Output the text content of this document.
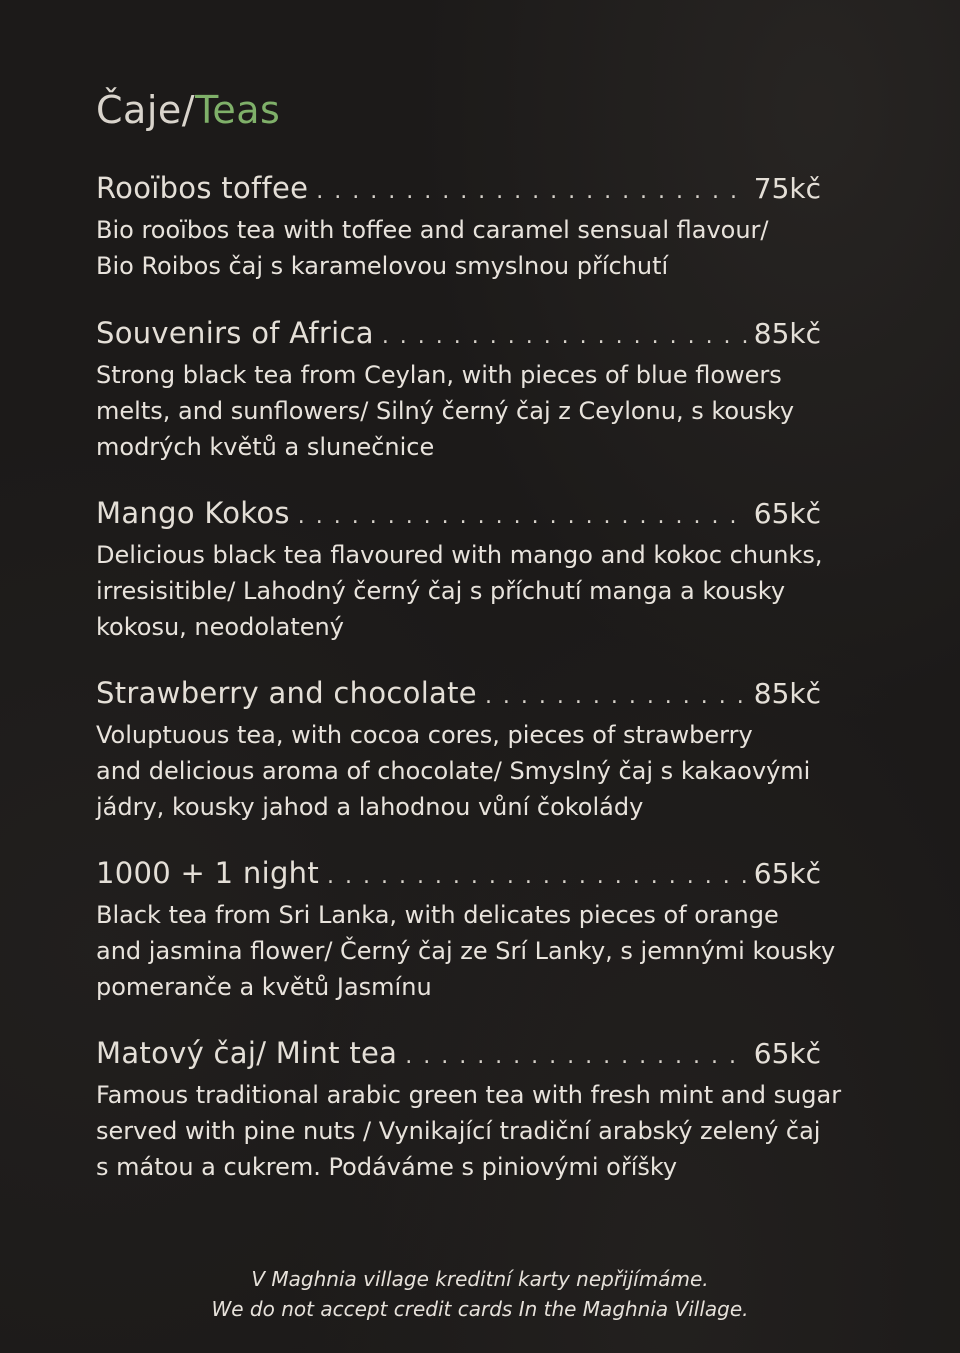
Čaje/Teas
Rooïbos toffee . . .	75kč
Bio rooïbos tea with toffee and caramel sensual flavour/
Bio Roibos čaj s karamelovou smyslnou příchutí
Souvenirs of Africa . . .	85kč
Strong black tea from Ceylan, with pieces of blue flowers
melts, and sunflowers/ Silný černý čaj z Ceylonu, s kousky
modrých květů a slunečnice
Mango Kokos . . .	65kč
Delicious black tea flavoured with mango and kokoc chunks,
irresisitible/ Lahodný černý čaj s příchutí manga a kousky
kokosu, neodolatený
Strawberry and chocolate . . .	85kč
Voluptuous tea, with cocoa cores, pieces of strawberry
and delicious aroma of chocolate/ Smyslný čaj s kakaovými
jádry, kousky jahod a lahodnou vůní čokolády
1000 + 1 night . . .	65kč
Black tea from Sri Lanka, with delicates pieces of orange
and jasmina flower/ Černý čaj ze Srí Lanky, s jemnými kousky
pomeranče a květů Jasmínu
Matový čaj/ Mint tea . . .	65kč
Famous traditional arabic green tea with fresh mint and sugar
served with pine nuts / Vynikající tradiční arabský zelený čaj
s mátou a cukrem. Podáváme s piniovými oříšky
V Maghnia village kreditní karty nepřijímáme.
We do not accept credit cards In the Maghnia Village.
